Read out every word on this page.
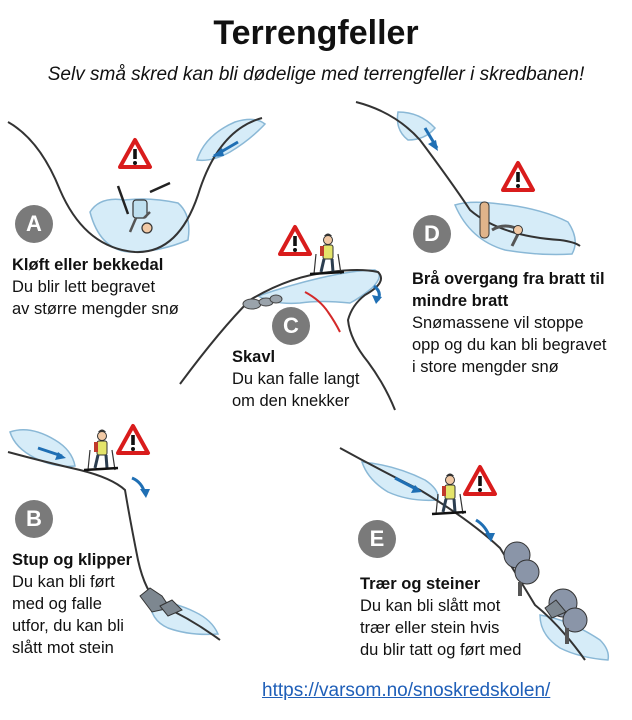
Terrengfeller
Selv små skred kan bli dødelige med terrengfeller i skredbanen!
A
B
C
D
E
Kløft eller bekkedal
Du blir lett begravet
av større mengder snø
Skavl
Du kan falle langt
om den knekker
Brå overgang fra bratt til
mindre bratt
Snømassene vil stoppe
opp og du kan bli begravet
i store mengder snø
Stup og klipper
Du kan bli ført
med og falle
utfor, du kan bli
slått mot stein
Trær og steiner
Du kan bli slått mot
trær eller stein hvis
du blir tatt og ført med
https://varsom.no/snoskredskolen/
